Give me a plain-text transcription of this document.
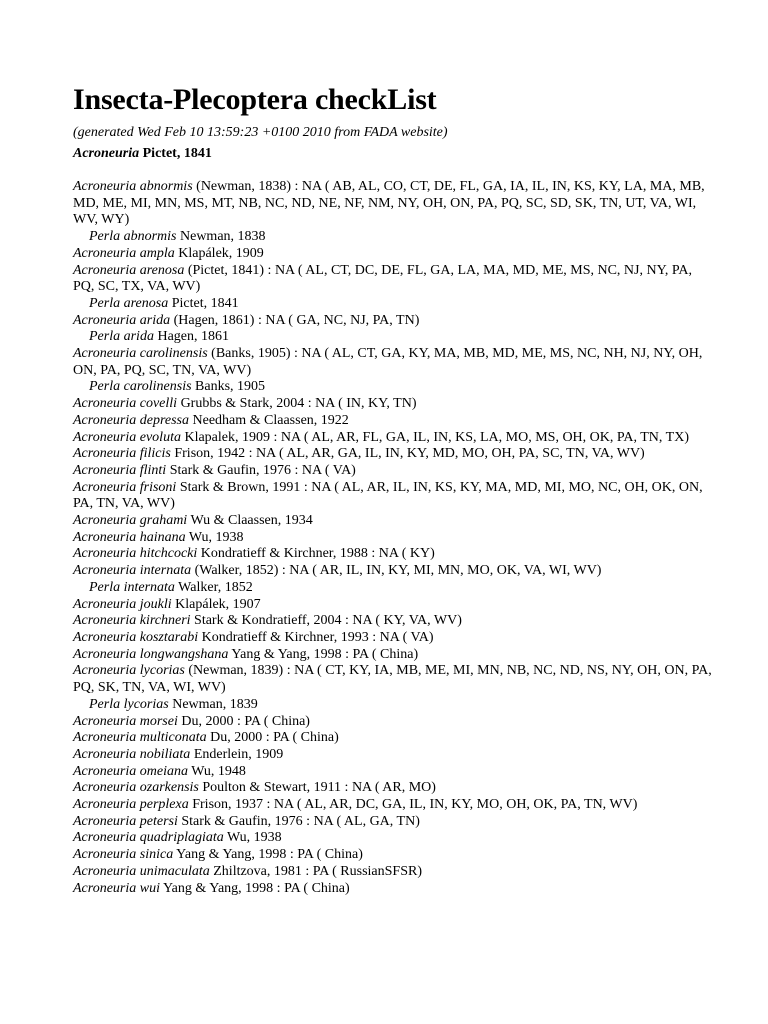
Insecta-Plecoptera checkList
(generated Wed Feb 10 13:59:23 +0100 2010 from FADA website)
Acroneuria Pictet, 1841
Acroneuria abnormis (Newman, 1838) : NA ( AB, AL, CO, CT, DE, FL, GA, IA, IL, IN, KS, KY, LA, MA, MB, MD, ME, MI, MN, MS, MT, NB, NC, ND, NE, NF, NM, NY, OH, ON, PA, PQ, SC, SD, SK, TN, UT, VA, WI, WV, WY)
Perla abnormis Newman, 1838
Acroneuria ampla Klapálek, 1909
Acroneuria arenosa (Pictet, 1841) : NA ( AL, CT, DC, DE, FL, GA, LA, MA, MD, ME, MS, NC, NJ, NY, PA, PQ, SC, TX, VA, WV)
Perla arenosa Pictet, 1841
Acroneuria arida (Hagen, 1861) : NA ( GA, NC, NJ, PA, TN)
Perla arida Hagen, 1861
Acroneuria carolinensis (Banks, 1905) : NA ( AL, CT, GA, KY, MA, MB, MD, ME, MS, NC, NH, NJ, NY, OH, ON, PA, PQ, SC, TN, VA, WV)
Perla carolinensis Banks, 1905
Acroneuria covelli Grubbs & Stark, 2004 : NA ( IN, KY, TN)
Acroneuria depressa Needham & Claassen, 1922
Acroneuria evoluta Klapalek, 1909 : NA ( AL, AR, FL, GA, IL, IN, KS, LA, MO, MS, OH, OK, PA, TN, TX)
Acroneuria filicis Frison, 1942 : NA ( AL, AR, GA, IL, IN, KY, MD, MO, OH, PA, SC, TN, VA, WV)
Acroneuria flinti Stark & Gaufin, 1976 : NA ( VA)
Acroneuria frisoni Stark & Brown, 1991 : NA ( AL, AR, IL, IN, KS, KY, MA, MD, MI, MO, NC, OH, OK, ON, PA, TN, VA, WV)
Acroneuria grahami Wu & Claassen, 1934
Acroneuria hainana Wu, 1938
Acroneuria hitchcocki Kondratieff & Kirchner, 1988 : NA ( KY)
Acroneuria internata (Walker, 1852) : NA ( AR, IL, IN, KY, MI, MN, MO, OK, VA, WI, WV)
Perla internata Walker, 1852
Acroneuria joukli Klapálek, 1907
Acroneuria kirchneri Stark & Kondratieff, 2004 : NA ( KY, VA, WV)
Acroneuria kosztarabi Kondratieff & Kirchner, 1993 : NA ( VA)
Acroneuria longwangshana Yang & Yang, 1998 : PA ( China)
Acroneuria lycorias (Newman, 1839) : NA ( CT, KY, IA, MB, ME, MI, MN, NB, NC, ND, NS, NY, OH, ON, PA, PQ, SK, TN, VA, WI, WV)
Perla lycorias Newman, 1839
Acroneuria morsei Du, 2000 : PA ( China)
Acroneuria multiconata Du, 2000 : PA ( China)
Acroneuria nobiliata Enderlein, 1909
Acroneuria omeiana Wu, 1948
Acroneuria ozarkensis Poulton & Stewart, 1911 : NA ( AR, MO)
Acroneuria perplexa Frison, 1937 : NA ( AL, AR, DC, GA, IL, IN, KY, MO, OH, OK, PA, TN, WV)
Acroneuria petersi Stark & Gaufin, 1976 : NA ( AL, GA, TN)
Acroneuria quadriplagiata Wu, 1938
Acroneuria sinica Yang & Yang, 1998 : PA ( China)
Acroneuria unimaculata Zhiltzova, 1981 : PA ( RussianSFSR)
Acroneuria wui Yang & Yang, 1998 : PA ( China)
